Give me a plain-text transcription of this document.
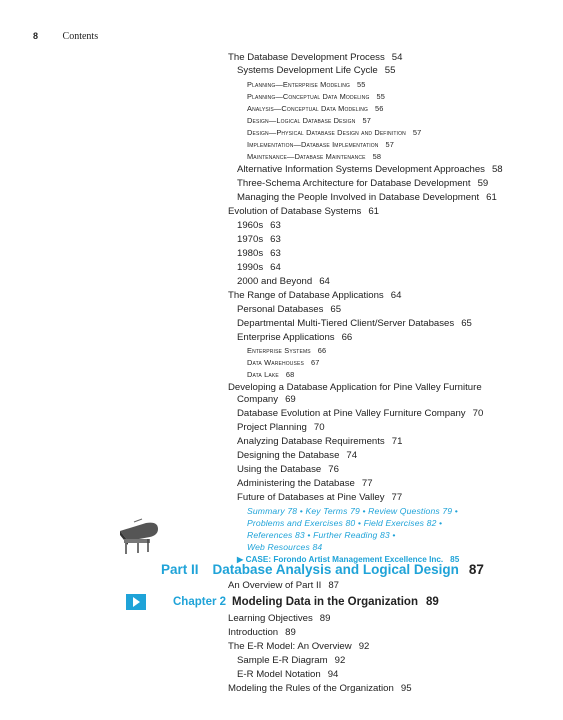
8 Contents
The Database Development Process 54
Systems Development Life Cycle 55
Planning—Enterprise Modeling 55
Planning—Conceptual Data Modeling 55
Analysis—Conceptual Data Modeling 56
Design—Logical Database Design 57
Design—Physical Database Design and Definition 57
Implementation—Database Implementation 57
Maintenance—Database Maintenance 58
Alternative Information Systems Development Approaches 58
Three-Schema Architecture for Database Development 59
Managing the People Involved in Database Development 61
Evolution of Database Systems 61
1960s 63
1970s 63
1980s 63
1990s 64
2000 and Beyond 64
The Range of Database Applications 64
Personal Databases 65
Departmental Multi-Tiered Client/Server Databases 65
Enterprise Applications 66
Enterprise Systems 66
Data Warehouses 67
Data Lake 68
Developing a Database Application for Pine Valley Furniture
Company 69
Database Evolution at Pine Valley Furniture Company 70
Project Planning 70
Analyzing Database Requirements 71
Designing the Database 74
Using the Database 76
Administering the Database 77
Future of Databases at Pine Valley 77
Summary 78 • Key Terms 79 • Review Questions 79 •
Problems and Exercises 80 • Field Exercises 82 •
References 83 • Further Reading 83 •
Web Resources 84
▶ CASE: Forondo Artist Management Excellence Inc. 85
Part II Database Analysis and Logical Design 87
An Overview of Part II 87
Chapter 2 Modeling Data in the Organization 89
Learning Objectives 89
Introduction 89
The E-R Model: An Overview 92
Sample E-R Diagram 92
E-R Model Notation 94
Modeling the Rules of the Organization 95
